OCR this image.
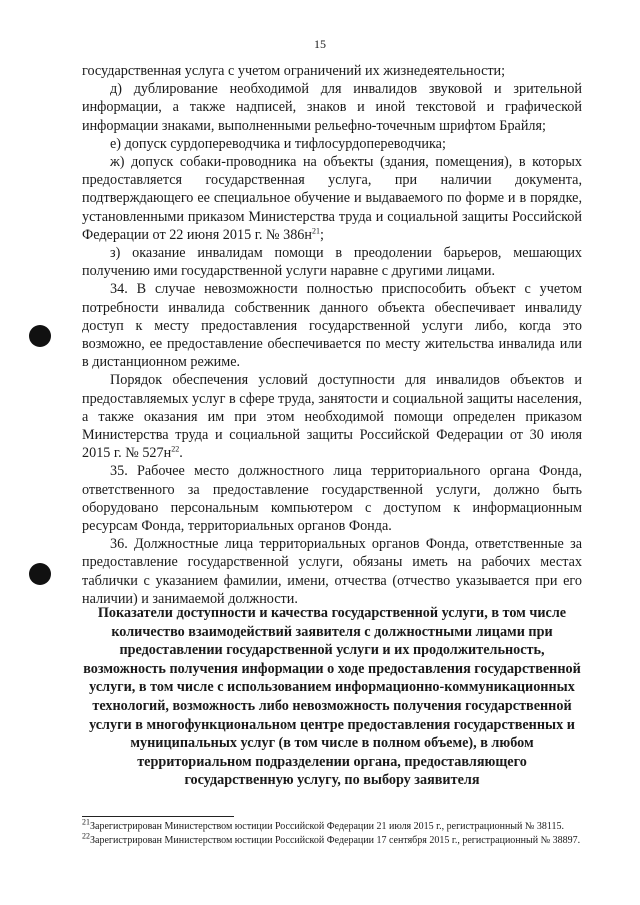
15

государственная услуга с учетом ограничений их жизнедеятельности;

д) дублирование необходимой для инвалидов звуковой и зрительной информации, а также надписей, знаков и иной текстовой и графической информации знаками, выполненными рельефно-точечным шрифтом Брайля;

е) допуск сурдопереводчика и тифлосурдопереводчика;

ж) допуск собаки-проводника на объекты (здания, помещения), в которых предоставляется государственная услуга, при наличии документа, подтверждающего ее специальное обучение и выдаваемого по форме и в порядке, установленными приказом Министерства труда и социальной защиты Российской Федерации от 22 июня 2015 г. № $386н^{21}$;

з) оказание инвалидам помощи в преодолении барьеров, мешающих получению ими государственной услуги наравне с другими лицами.

34. В случае невозможности полностью приспособить объект с учетом потребности инвалида собственник данного объекта обеспечивает инвалиду доступ к месту предоставления государственной услуги либо, когда это возможно, ее предоставление обеспечивается по месту жительства инвалида или в дистанционном режиме.

Порядок обеспечения условий доступности для инвалидов объектов и предоставляемых услуг в сфере труда, занятости и социальной защиты населения, а также оказания им при этом необходимой помощи определен приказом Министерства труда и социальной защиты Российской Федерации от 30 июля 2015 г. № $527н^{22}$.

35. Рабочее место должностного лица территориального органа Фонда, ответственного за предоставление государственной услуги, должно быть оборудовано персональным компьютером с доступом к информационным ресурсам Фонда, территориальных органов Фонда.

36. Должностные лица территориальных органов Фонда, ответственные за предоставление государственной услуги, обязаны иметь на рабочих местах таблички с указанием фамилии, имени, отчества (отчество указывается при его наличии) и занимаемой должности.

Показатели доступности и качества государственной услуги, в том числе количество взаимодействий заявителя с должностными лицами при предоставлении государственной услуги и их продолжительность, возможность получения информации о ходе предоставления государственной услуги, в том числе с использованием информационно-коммуникационных технологий, возможность либо невозможность получения государственной услуги в многофункциональном центре предоставления государственных и муниципальных услуг (в том числе в полном объеме), в любом территориальном подразделении органа, предоставляющего государственную услугу, по выбору заявителя

$^{21}$Зарегистрирован Министерством юстиции Российской Федерации 21 июля 2015 г., регистрационный № 38115.

$^{22}$Зарегистрирован Министерством юстиции Российской Федерации 17 сентября 2015 г., регистрационный № 38897.
